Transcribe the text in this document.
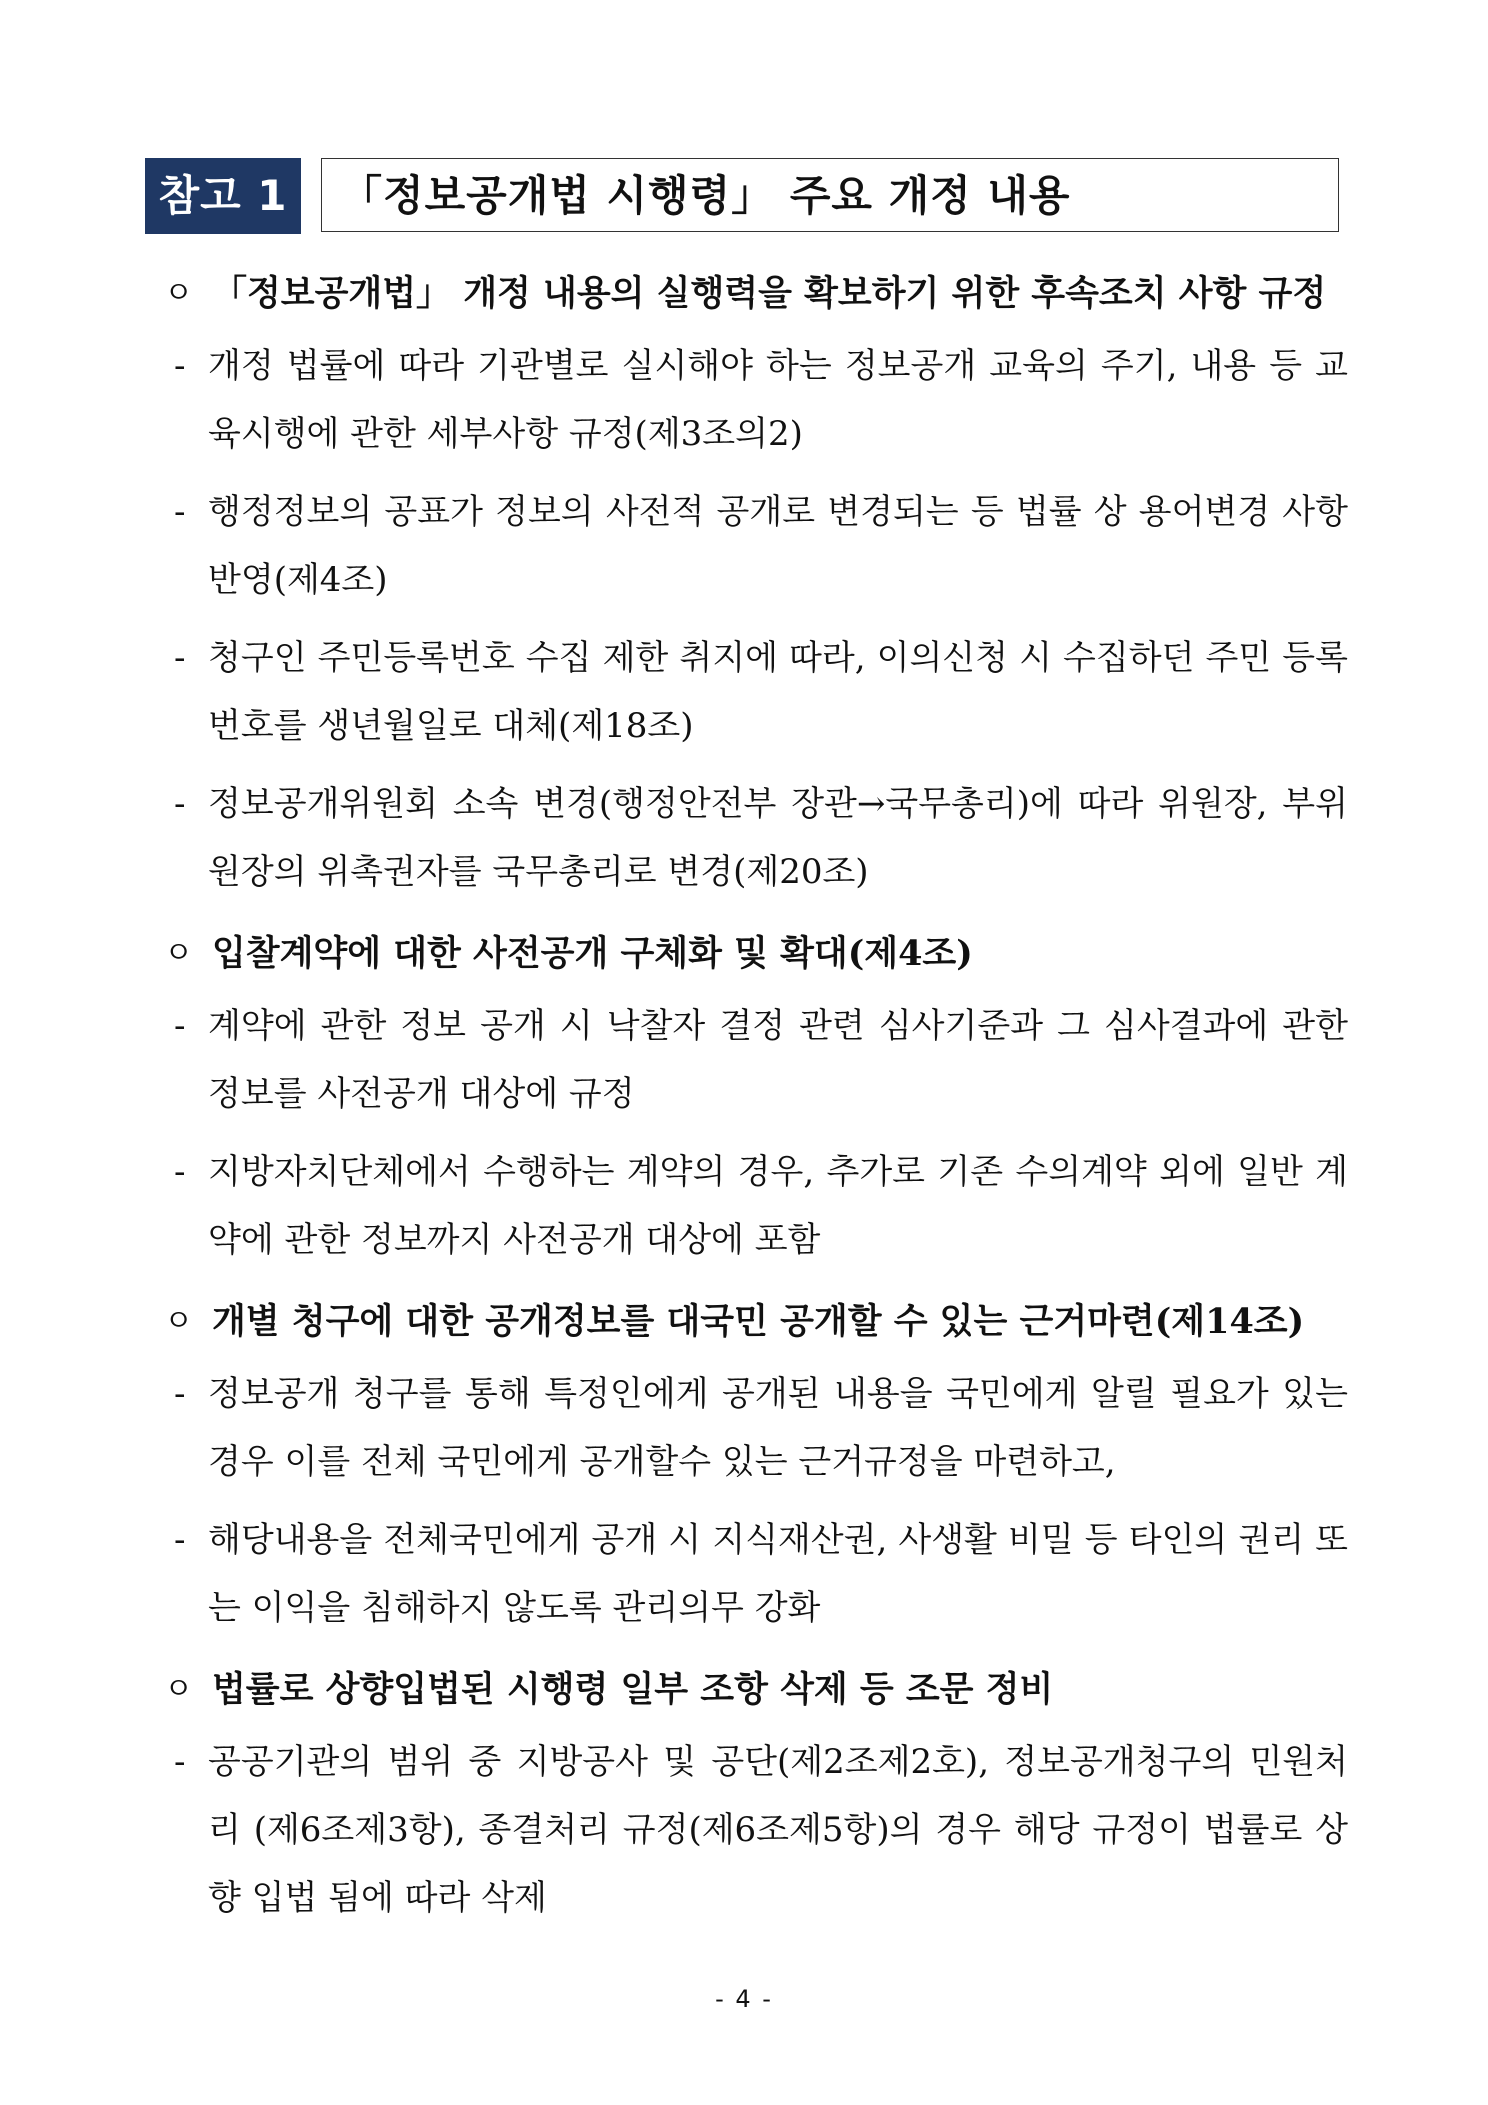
참고 1	「정보공개법 시행령」 주요 개정 내용
ㅇ 「정보공개법」 개정 내용의 실행력을 확보하기 위한 후속조치 사항 규정
- 개정 법률에 따라 기관별로 실시해야 하는 정보공개 교육의 주기, 내용 등 교육시행에 관한 세부사항 규정(제3조의2)
- 행정정보의 공표가 정보의 사전적 공개로 변경되는 등 법률 상 용어변경 사항 반영(제4조)
- 청구인 주민등록번호 수집 제한 취지에 따라, 이의신청 시 수집하던 주민 등록번호를 생년월일로 대체(제18조)
- 정보공개위원회 소속 변경(행정안전부 장관→국무총리)에 따라 위원장, 부위원장의 위촉권자를 국무총리로 변경(제20조)
ㅇ 입찰계약에 대한 사전공개 구체화 및 확대(제4조)
- 계약에 관한 정보 공개 시 낙찰자 결정 관련 심사기준과 그 심사결과에 관한 정보를 사전공개 대상에 규정
- 지방자치단체에서 수행하는 계약의 경우, 추가로 기존 수의계약 외에 일반 계약에 관한 정보까지 사전공개 대상에 포함
ㅇ 개별 청구에 대한 공개정보를 대국민 공개할 수 있는 근거마련(제14조)
- 정보공개 청구를 통해 특정인에게 공개된 내용을 국민에게 알릴 필요가 있는 경우 이를 전체 국민에게 공개할수 있는 근거규정을 마련하고,
- 해당내용을 전체국민에게 공개 시 지식재산권, 사생활 비밀 등 타인의 권리 또는 이익을 침해하지 않도록 관리의무 강화
ㅇ 법률로 상향입법된 시행령 일부 조항 삭제 등 조문 정비
- 공공기관의 범위 중 지방공사 및 공단(제2조제2호), 정보공개청구의 민원처리 (제6조제3항), 종결처리 규정(제6조제5항)의 경우 해당 규정이 법률로 상향 입법 됨에 따라 삭제
- 4 -
